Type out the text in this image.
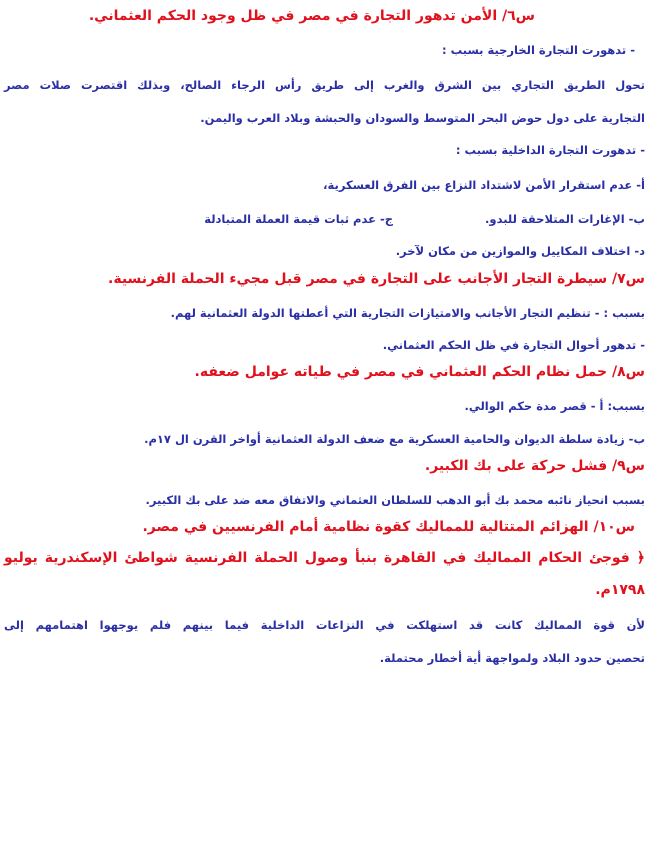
س٦/ الأمن تدهور التجارة في مصر في ظل وجود الحكم العثماني.
- تدهورت التجارة الخارجية بسبب :
تحول الطريق التجاري بين الشرق والغرب إلى طريق رأس الرجاء الصالح، وبذلك اقتصرت صلات مصر
التجارية على دول حوض البحر المتوسط والسودان والحبشة وبلاد العرب واليمن.
- تدهورت التجارة الداخلية بسبب :
أ- عدم استقرار الأمن لاشتداد النزاع بين الفرق العسكرية،
ب- الإغارات المتلاحقة للبدو.
ج- عدم ثبات قيمة العملة المتبادلة
د- اختلاف المكاييل والموازين من مكان لآخر.
س٧/ سيطرة التجار الأجانب على التجارة في مصر قبل مجيء الحملة الفرنسية.
بسبب : - تنظيم التجار الأجانب والامتيازات التجارية التي أعطتها الدولة العثمانية لهم.
- تدهور أحوال التجارة في ظل الحكم العثماني.
س٨/ حمل نظام الحكم العثماني في مصر في طياته عوامل ضعفه.
بسبب: أ - قصر مدة حكم الوالي.
ب- زيادة سلطة الديوان والحامية العسكرية مع ضعف الدولة العثمانية أواخر القرن ال ١٧م.
س٩/ فشل حركة على بك الكبير.
بسبب انحياز نائبه محمد بك أبو الدهب للسلطان العثماني والاتفاق معه ضد على بك الكبير.
س١٠/ الهزائم المتتالية للمماليك كقوة نظامية أمام الفرنسيين في مصر.
﴿ فوجئ الحكام المماليك في القاهرة بنبأ وصول الحملة الفرنسية شواطئ الإسكندرية يوليو
١٧٩٨م.
لأن قوة المماليك كانت قد استهلكت في النزاعات الداخلية فيما بينهم فلم يوجهوا اهتمامهم إلى
تحصين حدود البلاد ولمواجهة أية أخطار محتملة.
